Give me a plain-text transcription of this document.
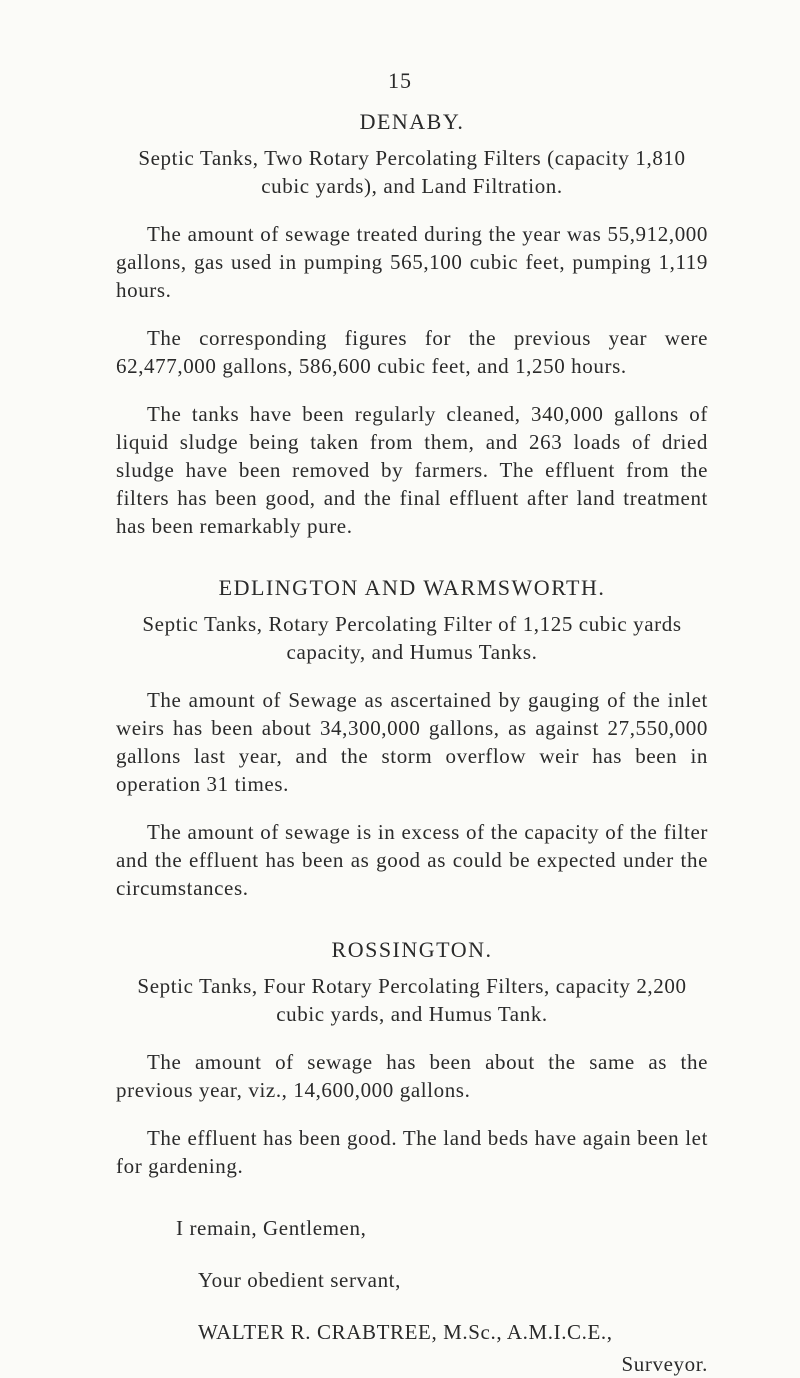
15
DENABY.
Septic Tanks, Two Rotary Percolating Filters (capacity 1,810 cubic yards), and Land Filtration.

The amount of sewage treated during the year was 55,912,000 gallons, gas used in pumping 565,100 cubic feet, pumping 1,119 hours.

The corresponding figures for the previous year were 62,477,000 gallons, 586,600 cubic feet, and 1,250 hours.

The tanks have been regularly cleaned, 340,000 gallons of liquid sludge being taken from them, and 263 loads of dried sludge have been removed by farmers. The effluent from the filters has been good, and the final effluent after land treatment has been remarkably pure.

EDLINGTON AND WARMSWORTH.
Septic Tanks, Rotary Percolating Filter of 1,125 cubic yards capacity, and Humus Tanks.

The amount of Sewage as ascertained by gauging of the inlet weirs has been about 34,300,000 gallons, as against 27,550,000 gallons last year, and the storm overflow weir has been in operation 31 times.

The amount of sewage is in excess of the capacity of the filter and the effluent has been as good as could be expected under the circumstances.

ROSSINGTON.
Septic Tanks, Four Rotary Percolating Filters, capacity 2,200 cubic yards, and Humus Tank.

The amount of sewage has been about the same as the previous year, viz., 14,600,000 gallons.

The effluent has been good. The land beds have again been let for gardening.

I remain, Gentlemen,

Your obedient servant,

WALTER R. CRABTREE, M.Sc., A.M.I.C.E.,

Surveyor.
